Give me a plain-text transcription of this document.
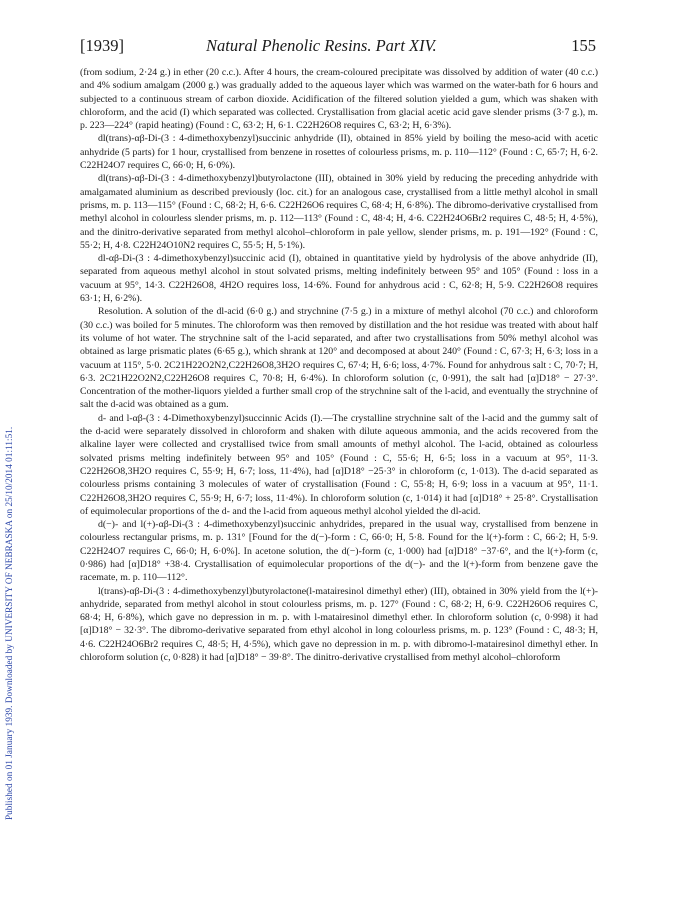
Published on 01 January 1939. Downloaded by UNIVERSITY OF NEBRASKA on 25/10/2014 01:11:51.
[1939]	Natural Phenolic Resins. Part XIV.	155

(from sodium, 2·24 g.) in ether (20 c.c.). After 4 hours, the cream-coloured precipitate was dissolved by addition of water (40 c.c.) and 4% sodium amalgam (2000 g.) was gradually added to the aqueous layer which was warmed on the water-bath for 6 hours and subjected to a continuous stream of carbon dioxide. Acidification of the filtered solution yielded a gum, which was shaken with chloroform, and the acid (I) which separated was collected. Crystallisation from glacial acetic acid gave slender prisms (3·7 g.), m. p. 223—224° (rapid heating) (Found : C, 63·2; H, 6·1. C22H26O8 requires C, 63·2; H, 6·3%).

dl(trans)-αβ-Di-(3 : 4-dimethoxybenzyl)succinic anhydride (II), obtained in 85% yield by boiling the meso-acid with acetic anhydride (5 parts) for 1 hour, crystallised from benzene in rosettes of colourless prisms, m. p. 110—112° (Found : C, 65·7; H, 6·2. C22H24O7 requires C, 66·0; H, 6·0%).

dl(trans)-αβ-Di-(3 : 4-dimethoxybenzyl)butyrolactone (III), obtained in 30% yield by reducing the preceding anhydride with amalgamated aluminium as described previously (loc. cit.) for an analogous case, crystallised from a little methyl alcohol in small prisms, m. p. 113—115° (Found : C, 68·2; H, 6·6. C22H26O6 requires C, 68·4; H, 6·8%). The dibromo-derivative crystallised from methyl alcohol in colourless slender prisms, m. p. 112—113° (Found : C, 48·4; H, 4·6. C22H24O6Br2 requires C, 48·5; H, 4·5%), and the dinitro-derivative separated from methyl alcohol–chloroform in pale yellow, slender prisms, m. p. 191—192° (Found : C, 55·2; H, 4·8. C22H24O10N2 requires C, 55·5; H, 5·1%).

dl-αβ-Di-(3 : 4-dimethoxybenzyl)succinic acid (I), obtained in quantitative yield by hydrolysis of the above anhydride (II), separated from aqueous methyl alcohol in stout solvated prisms, melting indefinitely between 95° and 105° (Found : loss in a vacuum at 95°, 14·3. C22H26O8, 4H2O requires loss, 14·6%. Found for anhydrous acid : C, 62·8; H, 5·9. C22H26O8 requires 63·1; H, 6·2%).

Resolution. A solution of the dl-acid (6·0 g.) and strychnine (7·5 g.) in a mixture of methyl alcohol (70 c.c.) and chloroform (30 c.c.) was boiled for 5 minutes. The chloroform was then removed by distillation and the hot residue was treated with about half its volume of hot water. The strychnine salt of the l-acid separated, and after two crystallisations from 50% methyl alcohol was obtained as large prismatic plates (6·65 g.), which shrank at 120° and decomposed at about 240° (Found : C, 67·3; H, 6·3; loss in a vacuum at 115°, 5·0. 2C21H22O2N2,C22H26O8,3H2O requires C, 67·4; H, 6·6; loss, 4·7%. Found for anhydrous salt : C, 70·7; H, 6·3. 2C21H22O2N2,C22H26O8 requires C, 70·8; H, 6·4%). In chloroform solution (c, 0·991), the salt had [α]D18° − 27·3°. Concentration of the mother-liquors yielded a further small crop of the strychnine salt of the l-acid, and eventually the strychnine of salt the d-acid was obtained as a gum.

d- and l-αβ-(3 : 4-Dimethoxybenzyl)succinnic Acids (I).—The crystalline strychnine salt of the l-acid and the gummy salt of the d-acid were separately dissolved in chloroform and shaken with dilute aqueous ammonia, and the acids recovered from the alkaline layer were collected and crystallised twice from small amounts of methyl alcohol. The l-acid, obtained as colourless solvated prisms melting indefinitely between 95° and 105° (Found : C, 55·6; H, 6·5; loss in a vacuum at 95°, 11·3. C22H26O8,3H2O requires C, 55·9; H, 6·7; loss, 11·4%), had [α]D18° −25·3° in chloroform (c, 1·013). The d-acid separated as colourless prisms containing 3 molecules of water of crystallisation (Found : C, 55·8; H, 6·9; loss in a vacuum at 95°, 11·1. C22H26O8,3H2O requires C, 55·9; H, 6·7; loss, 11·4%). In chloroform solution (c, 1·014) it had [α]D18° + 25·8°. Crystallisation of equimolecular proportions of the d- and the l-acid from aqueous methyl alcohol yielded the dl-acid.

d(−)- and l(+)-αβ-Di-(3 : 4-dimethoxybenzyl)succinic anhydrides, prepared in the usual way, crystallised from benzene in colourless rectangular prisms, m. p. 131° [Found for the d(−)-form : C, 66·0; H, 5·8. Found for the l(+)-form : C, 66·2; H, 5·9. C22H24O7 requires C, 66·0; H, 6·0%]. In acetone solution, the d(−)-form (c, 1·000) had [α]D18° −37·6°, and the l(+)-form (c, 0·986) had [α]D18° +38·4. Crystallisation of equimolecular proportions of the d(−)- and the l(+)-form from benzene gave the racemate, m. p. 110—112°.

l(trans)-αβ-Di-(3 : 4-dimethoxybenzyl)butyrolactone(l-matairesinol dimethyl ether) (III), obtained in 30% yield from the l(+)-anhydride, separated from methyl alcohol in stout colourless prisms, m. p. 127° (Found : C, 68·2; H, 6·9. C22H26O6 requires C, 68·4; H, 6·8%), which gave no depression in m. p. with l-matairesinol dimethyl ether. In chloroform solution (c, 0·998) it had [α]D18° − 32·3°. The dibromo-derivative separated from ethyl alcohol in long colourless prisms, m. p. 123° (Found : C, 48·3; H, 4·6. C22H24O6Br2 requires C, 48·5; H, 4·5%), which gave no depression in m. p. with dibromo-l-matairesinol dimethyl ether. In chloroform solution (c, 0·828) it had [α]D18° − 39·8°. The dinitro-derivative crystallised from methyl alcohol–chloroform
